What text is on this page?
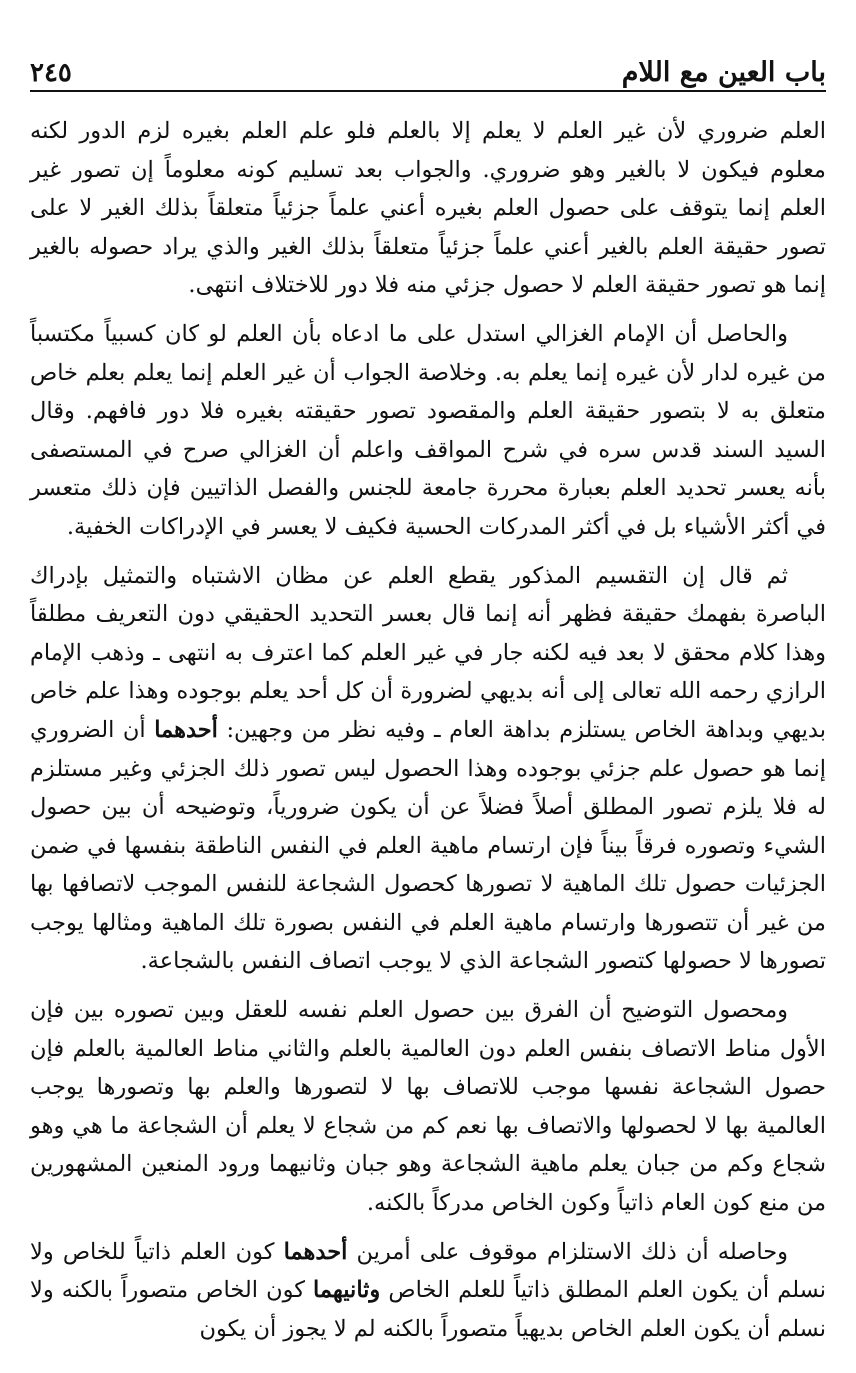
باب العين مع اللام
٢٤٥

العلم ضروري لأن غير العلم لا يعلم إلا بالعلم فلو علم العلم بغيره لزم الدور لكنه معلوم فيكون لا بالغير وهو ضروري. والجواب بعد تسليم كونه معلوماً إن تصور غير العلم إنما يتوقف على حصول العلم بغيره أعني علماً جزئياً متعلقاً بذلك الغير لا على تصور حقيقة العلم بالغير أعني علماً جزئياً متعلقاً بذلك الغير والذي يراد حصوله بالغير إنما هو تصور حقيقة العلم لا حصول جزئي منه فلا دور للاختلاف انتهى.

والحاصل أن الإمام الغزالي استدل على ما ادعاه بأن العلم لو كان كسبياً مكتسباً من غيره لدار لأن غيره إنما يعلم به. وخلاصة الجواب أن غير العلم إنما يعلم بعلم خاص متعلق به لا بتصور حقيقة العلم والمقصود تصور حقيقته بغيره فلا دور فافهم. وقال السيد السند قدس سره في شرح المواقف واعلم أن الغزالي صرح في المستصفى بأنه يعسر تحديد العلم بعبارة محررة جامعة للجنس والفصل الذاتيين فإن ذلك متعسر في أكثر الأشياء بل في أكثر المدركات الحسية فكيف لا يعسر في الإدراكات الخفية.

ثم قال إن التقسيم المذكور يقطع العلم عن مظان الاشتباه والتمثيل بإدراك الباصرة بفهمك حقيقة فظهر أنه إنما قال بعسر التحديد الحقيقي دون التعريف مطلقاً وهذا كلام محقق لا بعد فيه لكنه جار في غير العلم كما اعترف به انتهى ـ وذهب الإمام الرازي رحمه الله تعالى إلى أنه بديهي لضرورة أن كل أحد يعلم بوجوده وهذا علم خاص بديهي وبداهة الخاص يستلزم بداهة العام ـ وفيه نظر من وجهين: أحدهما أن الضروري إنما هو حصول علم جزئي بوجوده وهذا الحصول ليس تصور ذلك الجزئي وغير مستلزم له فلا يلزم تصور المطلق أصلاً فضلاً عن أن يكون ضرورياً، وتوضيحه أن بين حصول الشيء وتصوره فرقاً بيناً فإن ارتسام ماهية العلم في النفس الناطقة بنفسها في ضمن الجزئيات حصول تلك الماهية لا تصورها كحصول الشجاعة للنفس الموجب لاتصافها بها من غير أن تتصورها وارتسام ماهية العلم في النفس بصورة تلك الماهية ومثالها يوجب تصورها لا حصولها كتصور الشجاعة الذي لا يوجب اتصاف النفس بالشجاعة.

ومحصول التوضيح أن الفرق بين حصول العلم نفسه للعقل وبين تصوره بين فإن الأول مناط الاتصاف بنفس العلم دون العالمية بالعلم والثاني مناط العالمية بالعلم فإن حصول الشجاعة نفسها موجب للاتصاف بها لا لتصورها والعلم بها وتصورها يوجب العالمية بها لا لحصولها والاتصاف بها نعم كم من شجاع لا يعلم أن الشجاعة ما هي وهو شجاع وكم من جبان يعلم ماهية الشجاعة وهو جبان وثانيهما ورود المنعين المشهورين من منع كون العام ذاتياً وكون الخاص مدركاً بالكنه.

وحاصله أن ذلك الاستلزام موقوف على أمرين أحدهما كون العلم ذاتياً للخاص ولا نسلم أن يكون العلم المطلق ذاتياً للعلم الخاص وثانيهما كون الخاص متصوراً بالكنه ولا نسلم أن يكون العلم الخاص بديهياً متصوراً بالكنه لم لا يجوز أن يكون
